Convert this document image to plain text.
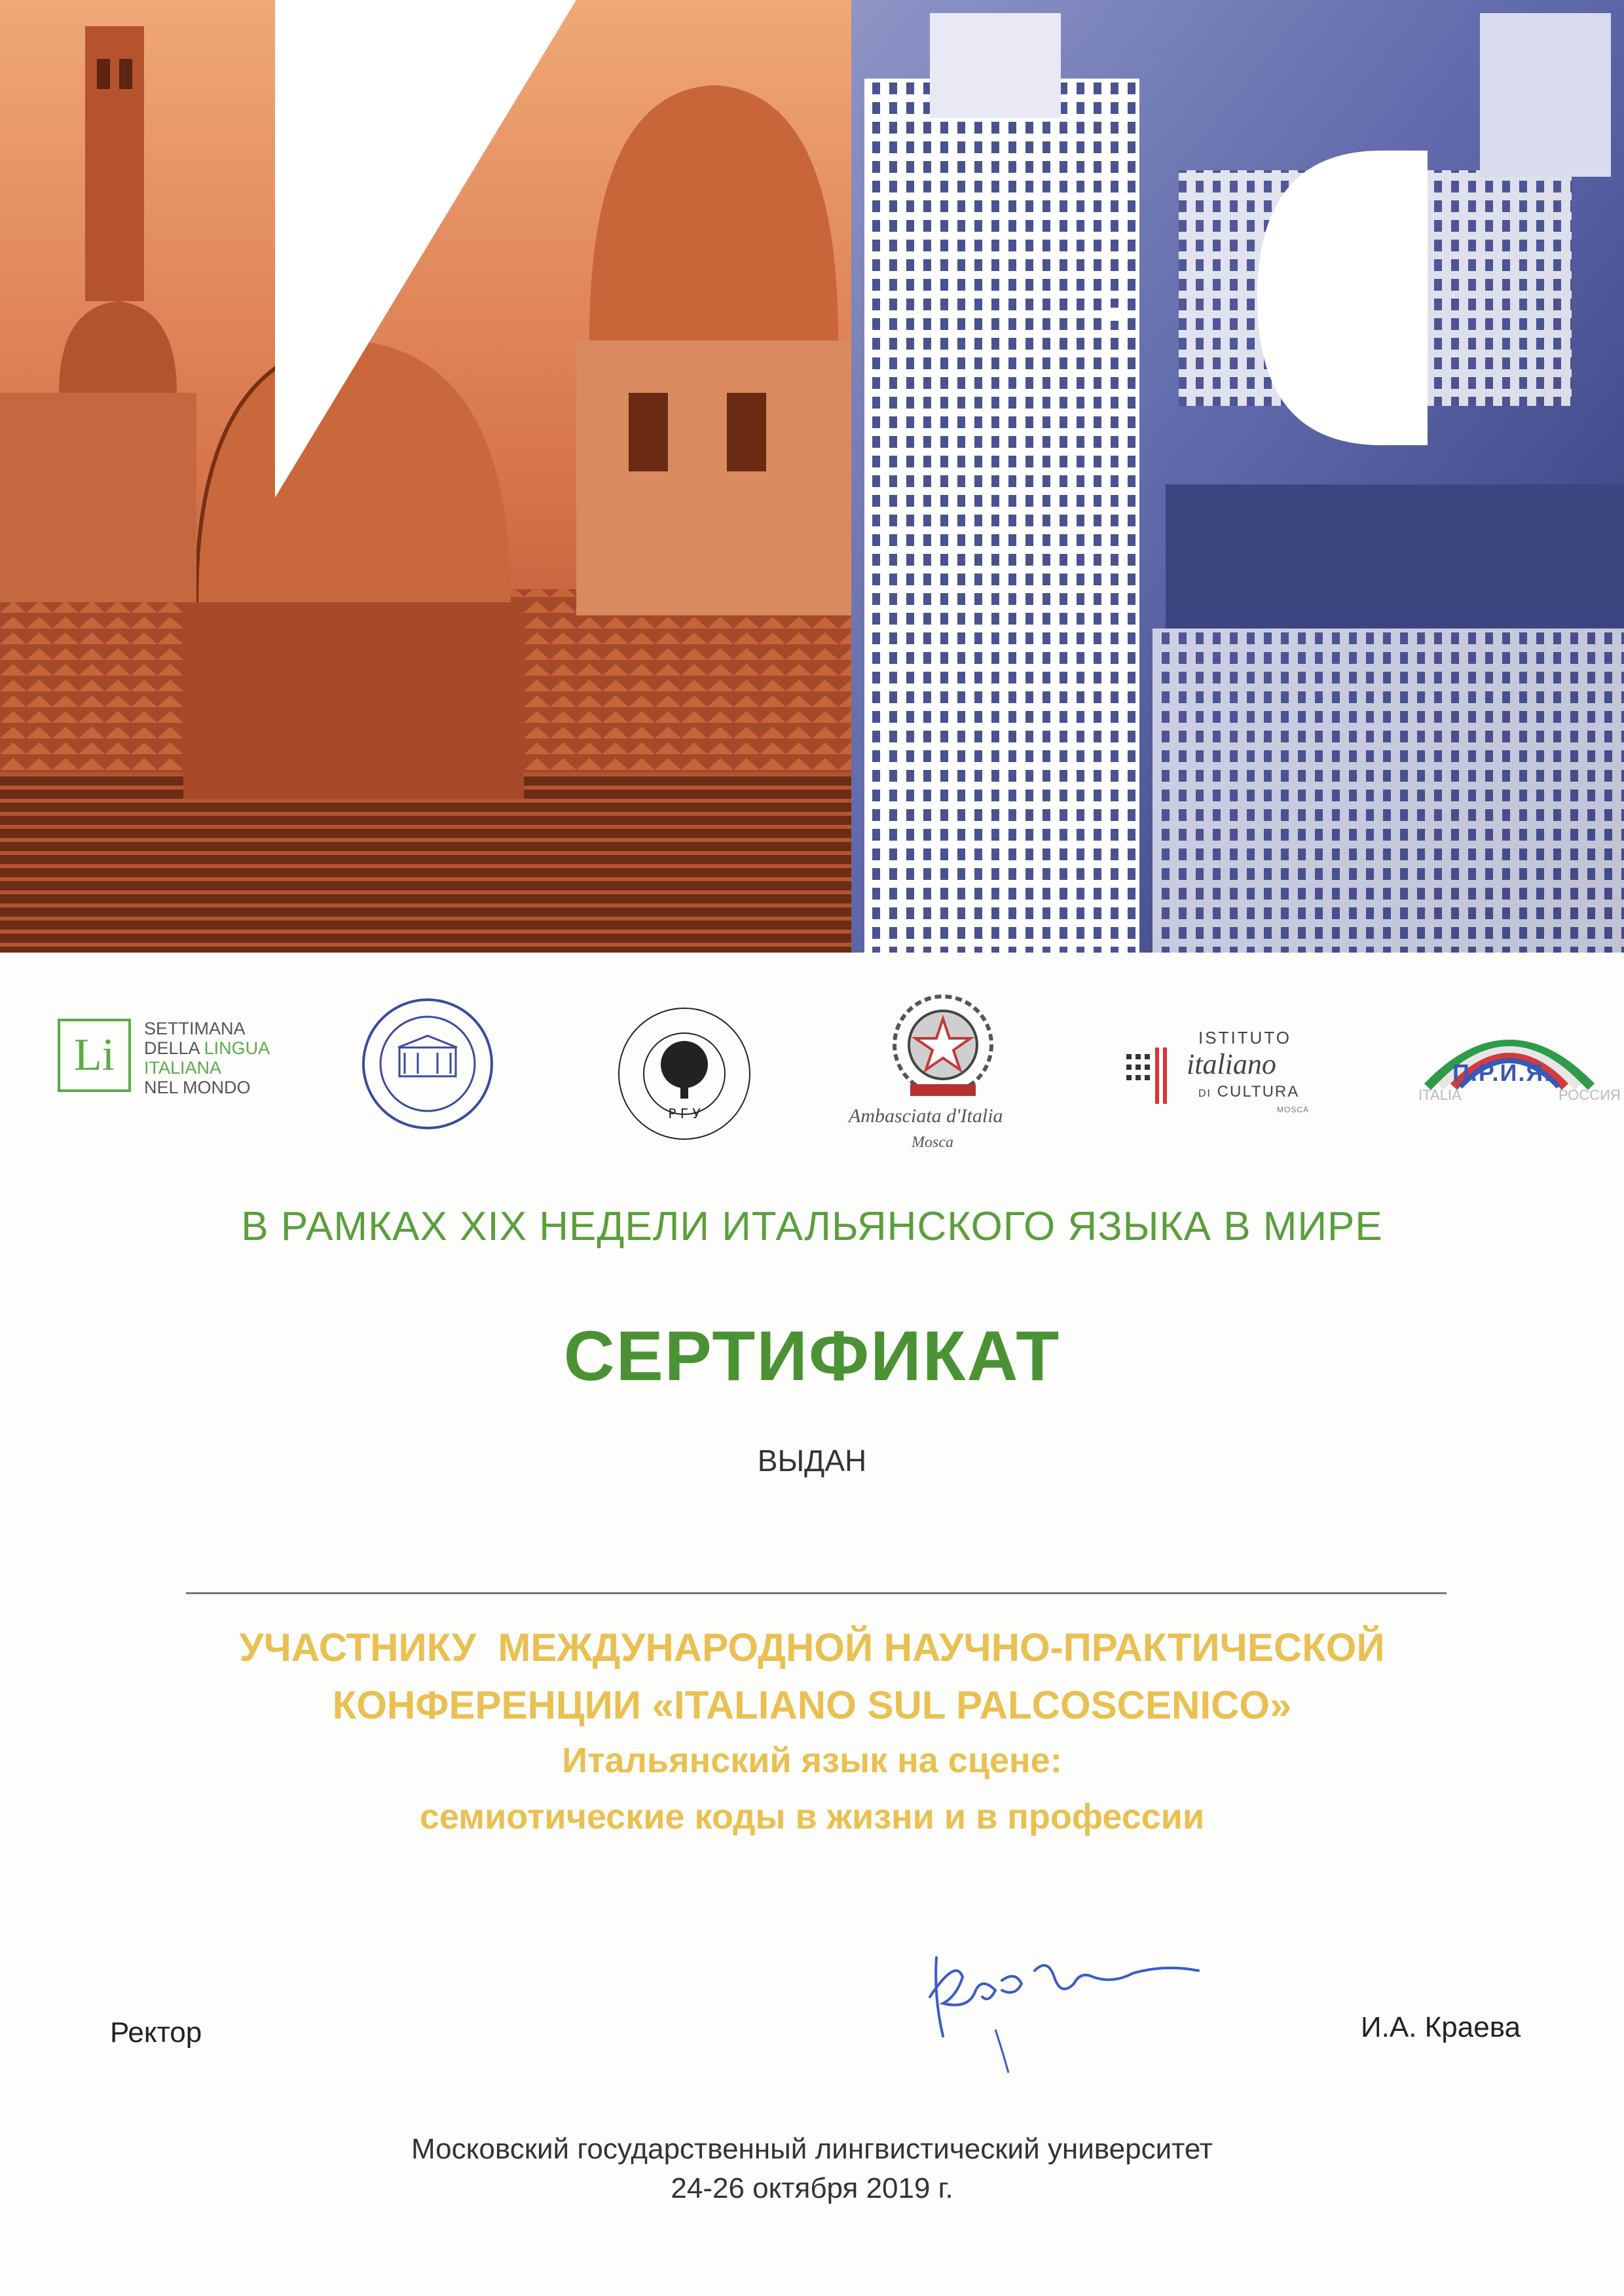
Li
SETTIMANA
DELLA LINGUA
ITALIANA
NEL MONDO
Р Г У	Ambasciata d'Italia
Mosca
ISTITUTO
italiano
DI CULTURA
MOSCA
П.Р.И.Я.
ITALIA	РОССИЯ
В РАМКАХ XIX НЕДЕЛИ ИТАЛЬЯНСКОГО ЯЗЫКА В МИРЕ
СЕРТИФИКАТ
ВЫДАН
УЧАСТНИКУ  МЕЖДУНАРОДНОЙ НАУЧНО-ПРАКТИЧЕСКОЙ
КОНФЕРЕНЦИИ «ITALIANO SUL PALCOSCENICO»
Итальянский язык на сцене:
семиотические коды в жизни и в профессии
Ректор	И.А. Краева
Московский государственный лингвистический университет
24-26 октября 2019 г.
